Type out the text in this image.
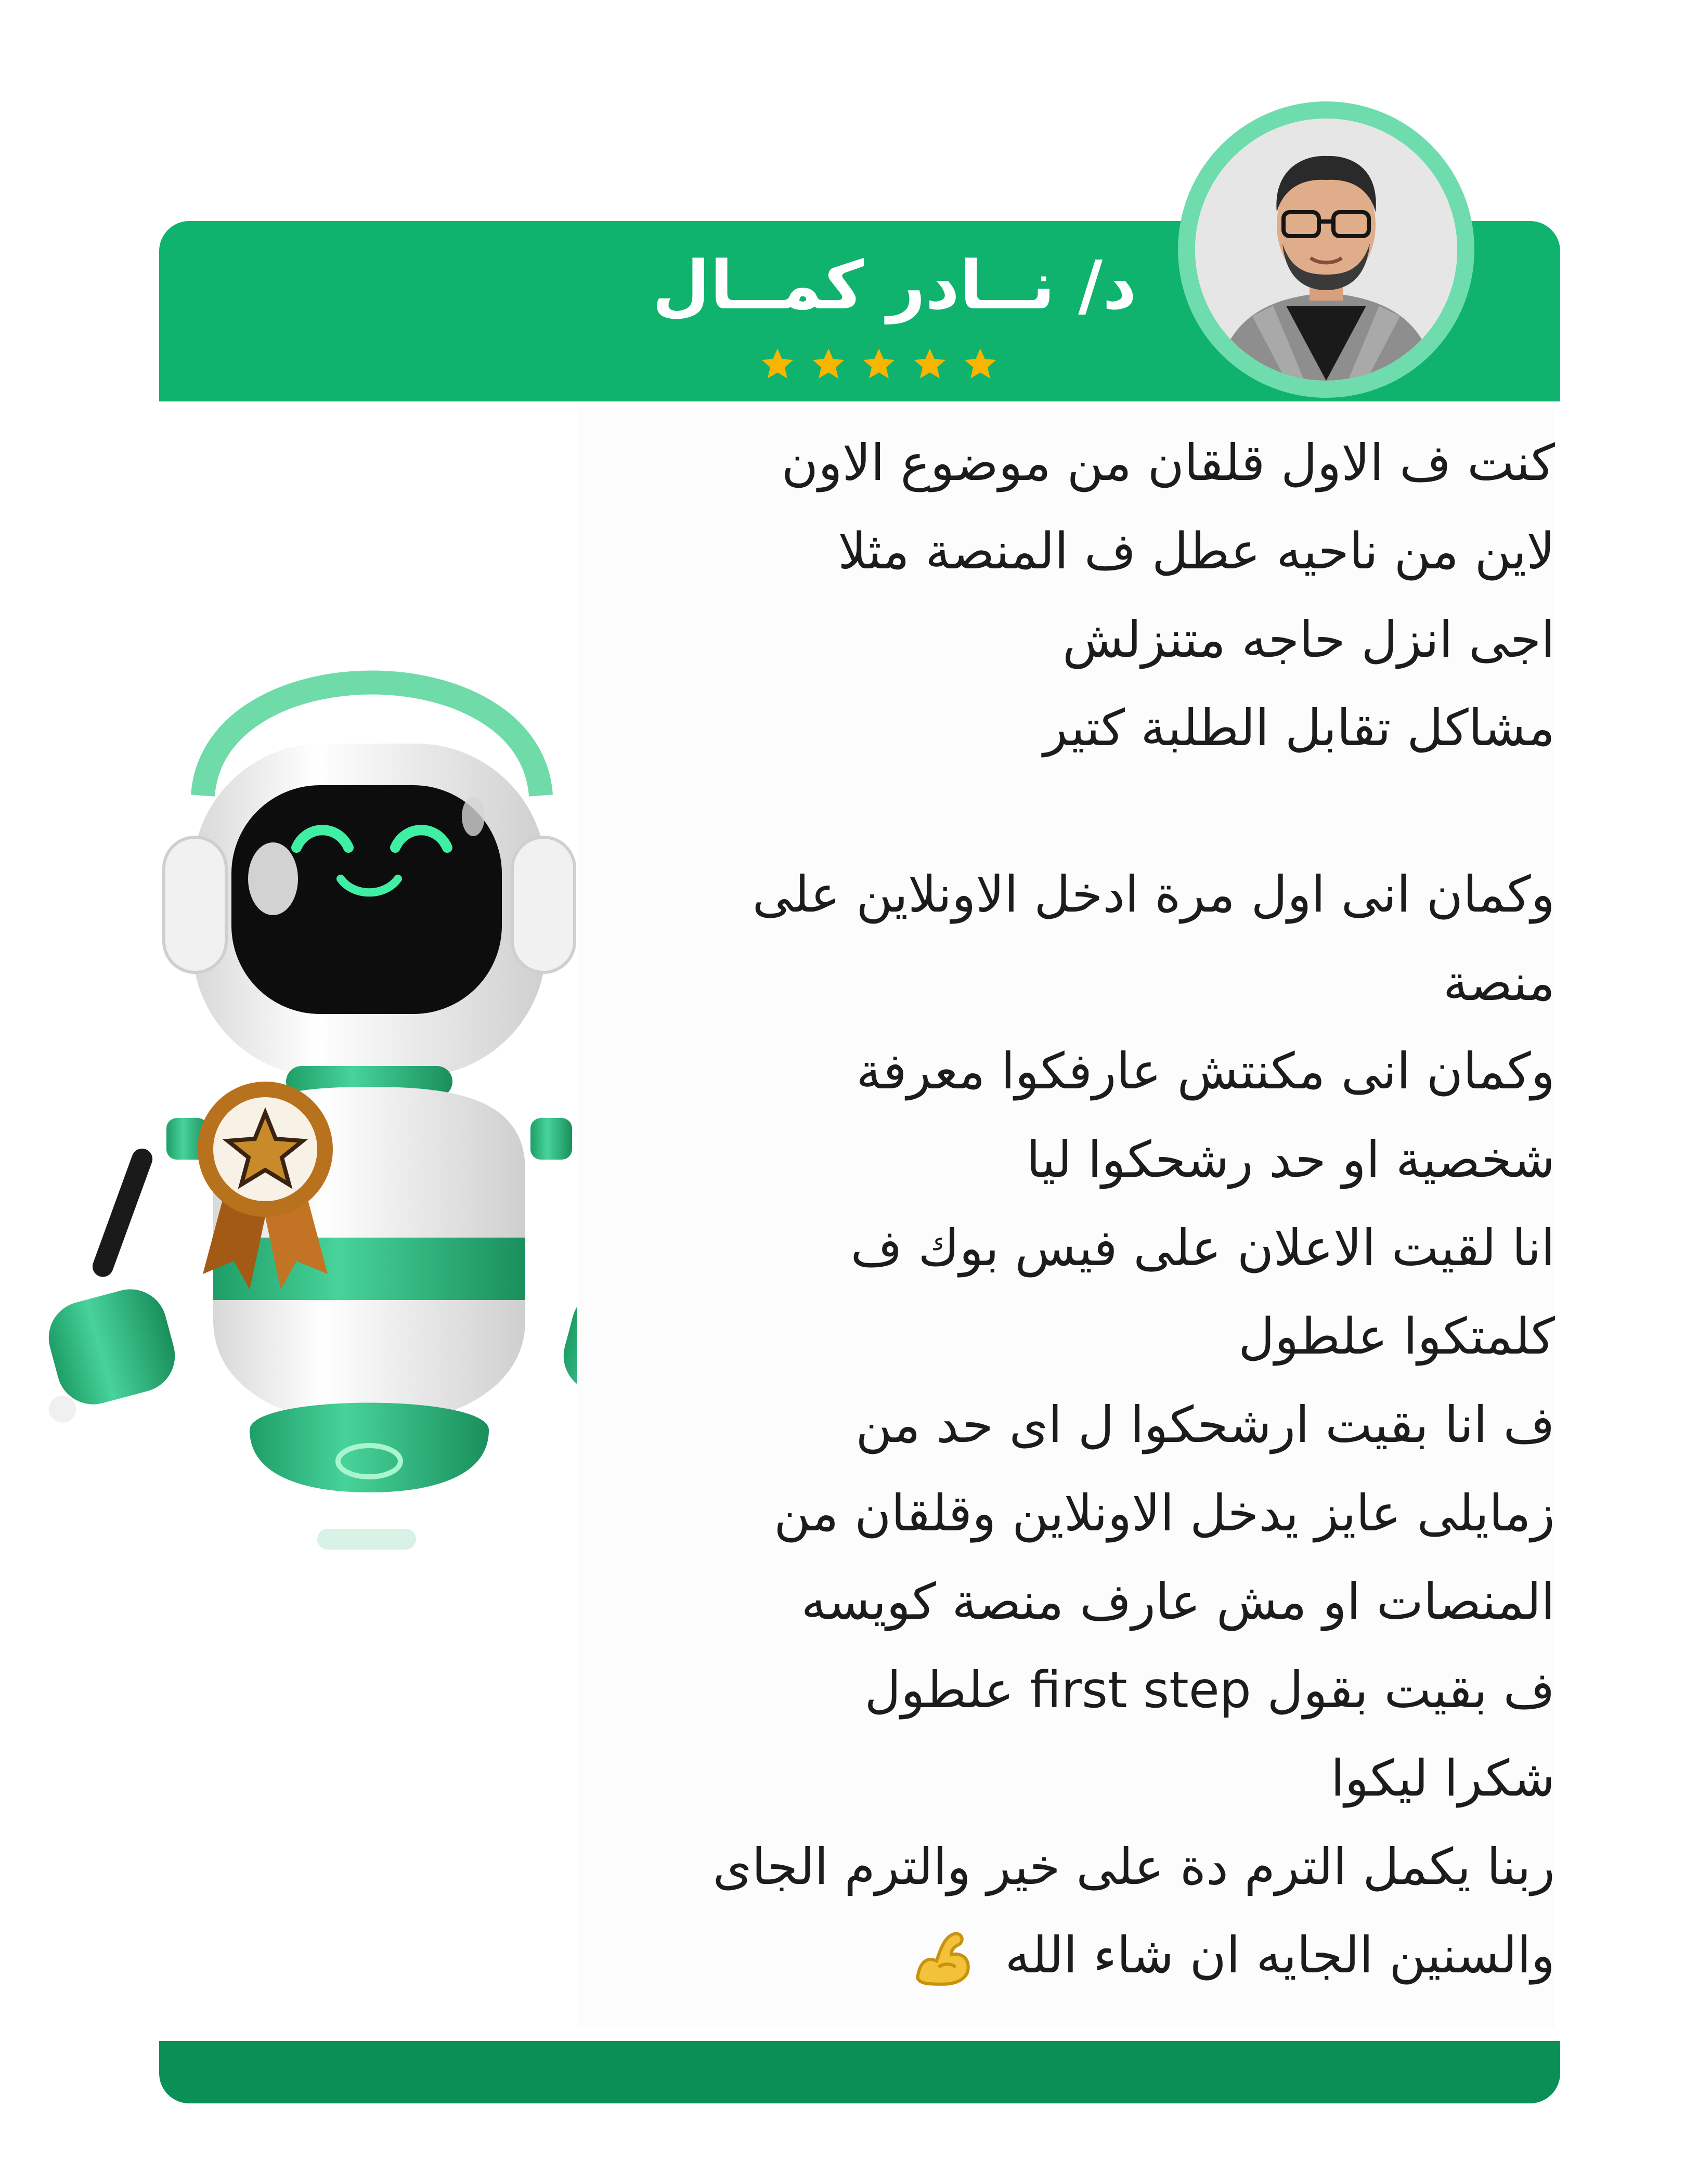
د/ نــادر كمــال
كنت ف الاول قلقان من موضوع الاون
لاين من ناحيه عطل ف المنصة مثلا
اجى انزل حاجه متنزلش
مشاكل تقابل الطلبة كتير
وكمان انى اول مرة ادخل الاونلاين على
منصة
وكمان انى مكنتش عارفكوا معرفة
شخصية او حد رشحكوا ليا
انا لقيت الاعلان على فيس بوك ف
كلمتكوا علطول
ف انا بقيت ارشحكوا ل اى حد من
زمايلى عايز يدخل الاونلاين وقلقان من
المنصات او مش عارف منصة كويسه
ف بقيت بقول first step علطول
شكرا ليكوا
ربنا يكمل الترم دة على خير والترم الجاى
والسنين الجايه ان شاء الله
